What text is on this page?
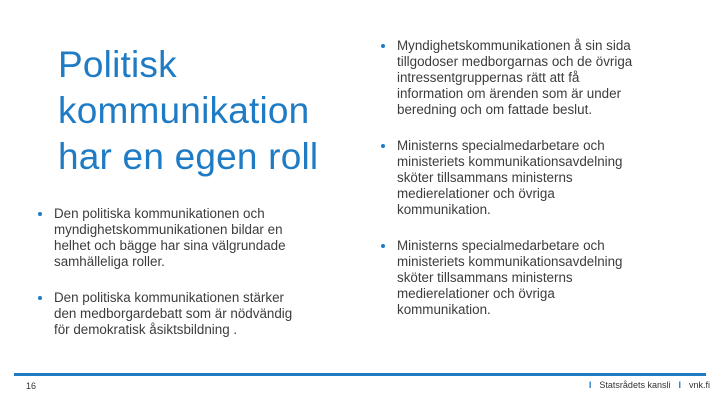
Politisk
kommunikation
har en egen roll
Den politiska kommunikationen och
myndighetskommunikationen bildar en
helhet och bägge har sina välgrundade
samhälleliga roller.
Den politiska kommunikationen stärker
den medborgardebatt som är nödvändig
för demokratisk åsiktsbildning .
Myndighetskommunikationen å sin sida
tillgodoser medborgarnas och de övriga
intressentgruppernas rätt att få
information om ärenden som är under
beredning och om fattade beslut.
Ministerns specialmedarbetare och
ministeriets kommunikationsavdelning
sköter tillsammans ministerns
medierelationer och övriga
kommunikation.
Ministerns specialmedarbetare och
ministeriets kommunikationsavdelning
sköter tillsammans ministerns
medierelationer och övriga
kommunikation.
16	I Statsrådets kansli I vnk.fi
